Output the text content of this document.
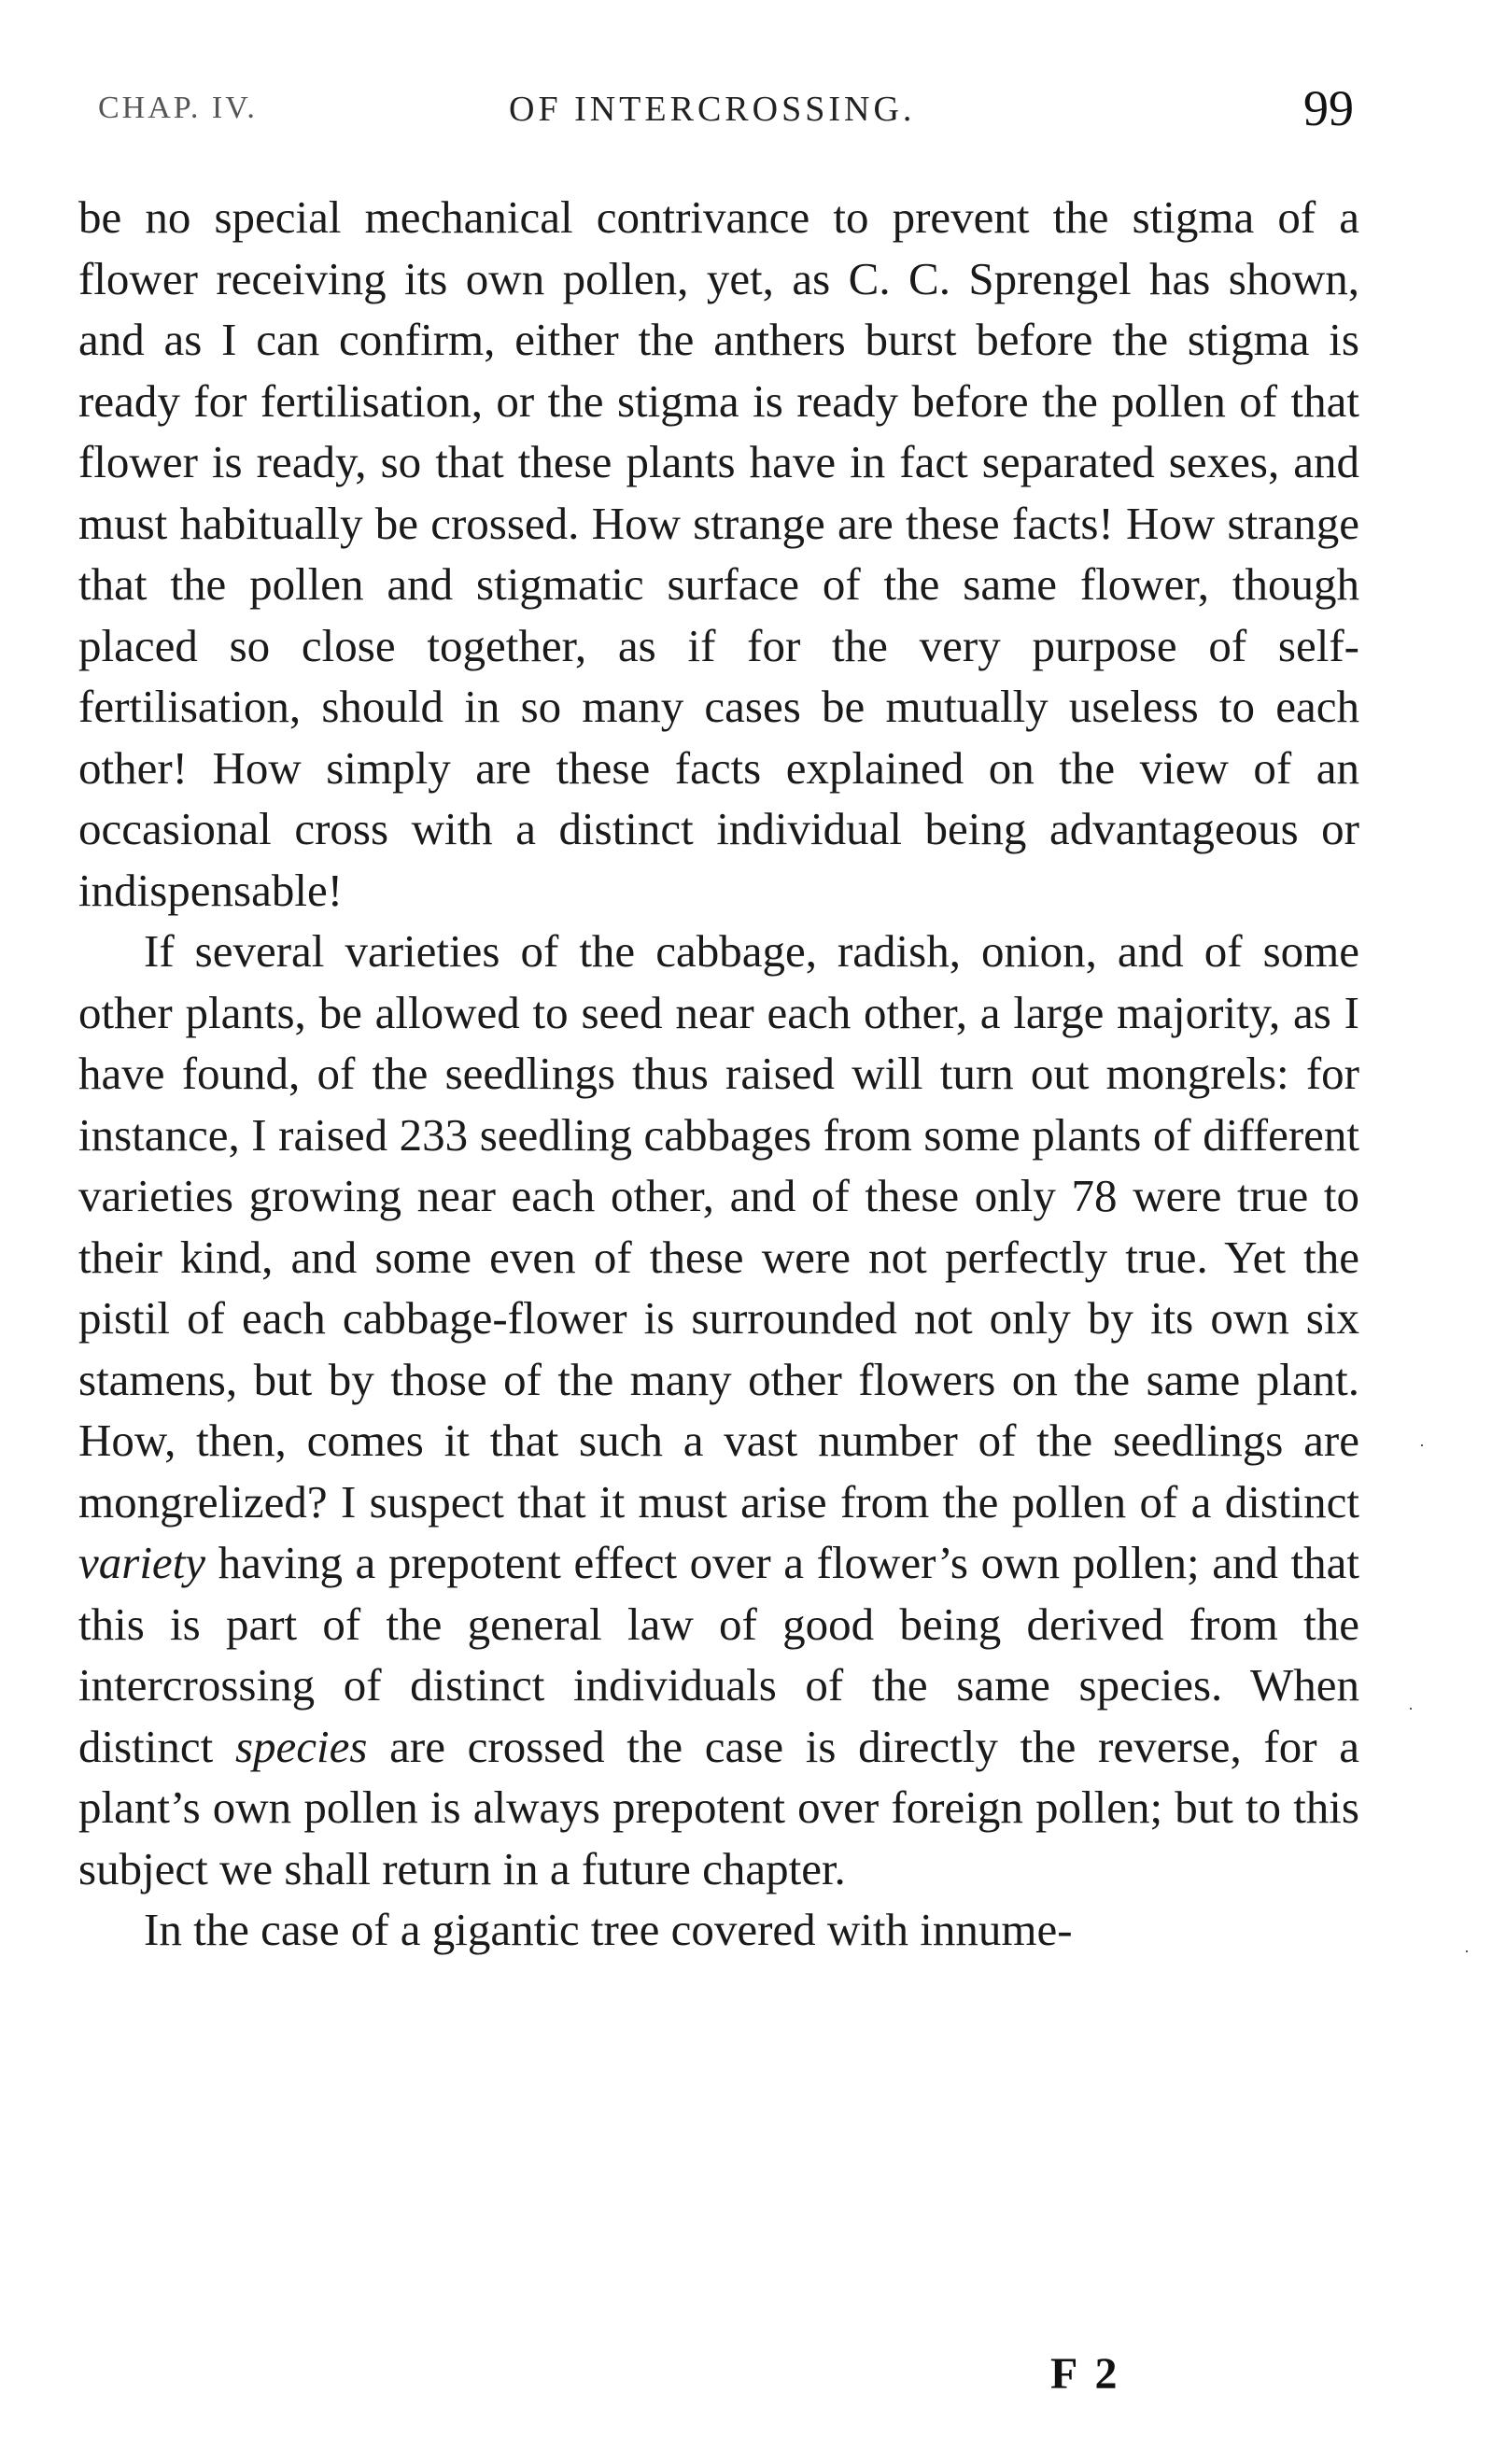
CHAP. IV.	OF INTERCROSSING.	99

be no special mechanical contrivance to prevent the stigma of a flower receiving its own pollen, yet, as C. C. Sprengel has shown, and as I can confirm, either the anthers burst before the stigma is ready for fertilisation, or the stigma is ready before the pollen of that flower is ready, so that these plants have in fact separated sexes, and must habitually be crossed. How strange are these facts! How strange that the pollen and stigmatic surface of the same flower, though placed so close together, as if for the very purpose of self-fertilisation, should in so many cases be mutually useless to each other! How simply are these facts explained on the view of an occasional cross with a distinct individual being advantageous or indispensable!

If several varieties of the cabbage, radish, onion, and of some other plants, be allowed to seed near each other, a large majority, as I have found, of the seedlings thus raised will turn out mongrels: for instance, I raised 233 seedling cabbages from some plants of different varieties growing near each other, and of these only 78 were true to their kind, and some even of these were not perfectly true. Yet the pistil of each cabbage-flower is surrounded not only by its own six stamens, but by those of the many other flowers on the same plant. How, then, comes it that such a vast number of the seedlings are mongrelized? I suspect that it must arise from the pollen of a distinct variety having a prepotent effect over a flower’s own pollen; and that this is part of the general law of good being derived from the intercrossing of distinct individuals of the same species. When distinct species are crossed the case is directly the reverse, for a plant’s own pollen is always prepotent over foreign pollen; but to this subject we shall return in a future chapter.

In the case of a gigantic tree covered with innume-

F 2
·
·
·
